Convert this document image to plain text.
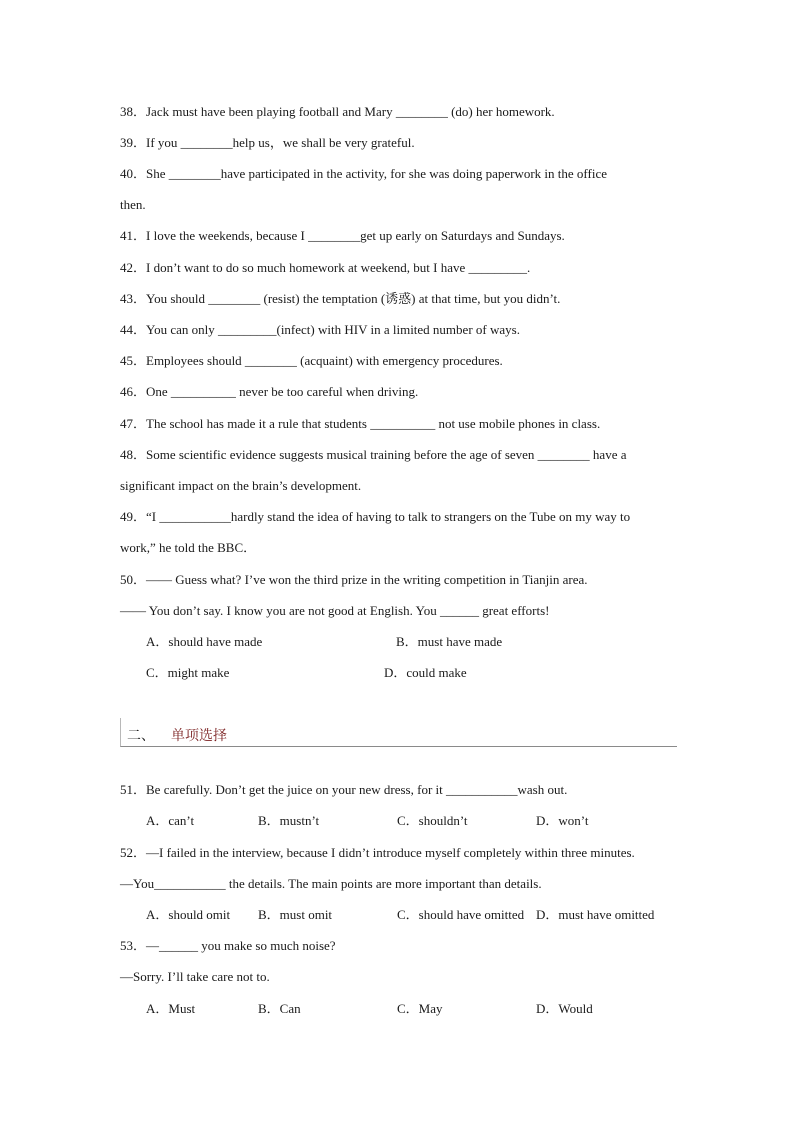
38．Jack must have been playing football and Mary ________ (do) her homework.
39．If you ________help us，we shall be very grateful.
40．She ________have participated in the activity, for she was doing paperwork in the office
then.
41．I love the weekends, because I ________get up early on Saturdays and Sundays.
42．I don’t want to do so much homework at weekend, but I have _________.
43．You should ________ (resist) the temptation (诱惑) at that time, but you didn’t.
44．You can only _________(infect) with HIV in a limited number of ways.
45．Employees should ________ (acquaint) with emergency procedures.
46．One __________ never be too careful when driving.
47．The school has made it a rule that students __________ not use mobile phones in class.
48．Some scientific evidence suggests musical training before the age of seven ________ have a
significant impact on the brain’s development.
49．“I ___________hardly stand the idea of having to talk to strangers on the Tube on my way to
work,” he told the BBC．
50．—— Guess what? I’ve won the third prize in the writing competition in Tianjin area.
—— You don’t say. I know you are not good at English. You ______ great efforts!
A．should have made	B．must have made
C．might make	D．could make
二、 单项选择
51．Be carefully. Don’t get the juice on your new dress, for it ___________wash out.
A．can’t	B．mustn’t	C．shouldn’t	D．won’t
52．—I failed in the interview, because I didn’t introduce myself completely within three minutes.
—You___________ the details. The main points are more important than details.
A．should omit B．must omit	C．should have omitted D．must have omitted
53．—______ you make so much noise?
—Sorry. I’ll take care not to.
A．Must	B．Can	C．May	D．Would
